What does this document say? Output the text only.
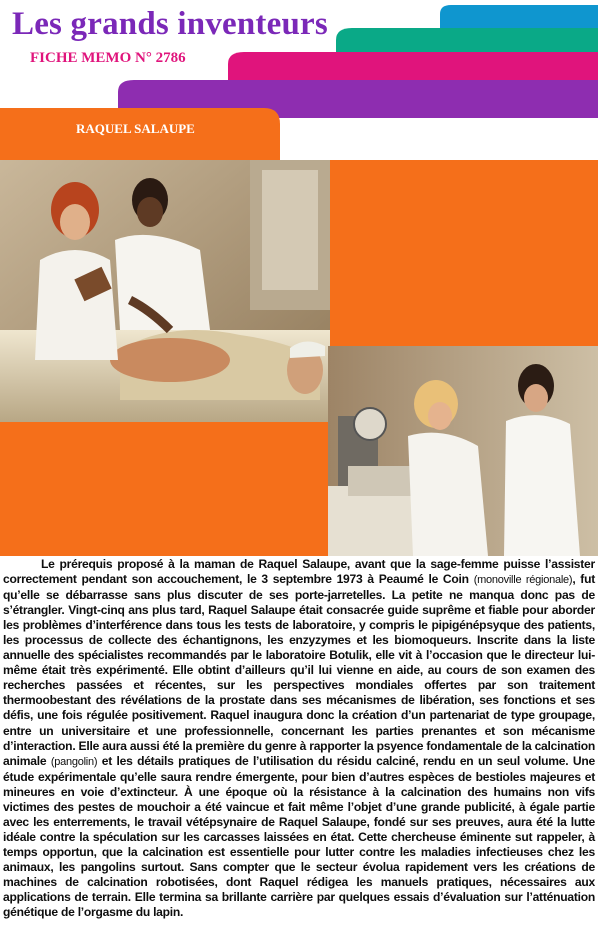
Les grands inventeurs
FICHE MEMO N° 2786
RAQUEL SALAUPE

Le prérequis proposé à la maman de Raquel Salaupe, avant que la sage-femme puisse l’assister correctement pendant son accouchement, le 3 septembre 1973 à Peaumé le Coin (monoville régionale), fut qu’elle se débarrasse sans plus discuter de ses porte-jarretelles. La petite ne manqua donc pas de s’étrangler. Vingt-cinq ans plus tard, Raquel Salaupe était consacrée guide suprême et fiable pour aborder les problèmes d’interférence dans tous les tests de laboratoire, y compris le pipigénépsyque des patients, les processus de collecte des échantignons, les enzyzymes et les biomoqueurs. Inscrite dans la liste annuelle des spécialistes recommandés par le laboratoire Botulik, elle vit à l’occasion que le directeur lui-même était très expérimenté. Elle obtint d’ailleurs qu’il lui vienne en aide, au cours de son examen des recherches passées et récentes, sur les perspectives mondiales offertes par son traitement thermoobestant des révélations de la prostate dans ses mécanismes de libération, ses fonctions et ses défis, une fois régulée positivement. Raquel inaugura donc la création d’un partenariat de type groupage, entre un universitaire et une professionnelle, concernant les parties prenantes et son mécanisme d’interaction. Elle aura aussi été la première du genre à rapporter la psyence fondamentale de la calcination animale (pangolin) et les détails pratiques de l’utilisation du résidu calciné, rendu en un seul volume. Une étude expérimentale qu’elle saura rendre émergente, pour bien d’autres espèces de bestioles majeures et mineures en voie d’extincteur. À une époque où la résistance à la calcination des humains non vifs victimes des pestes de mouchoir a été vaincue et fait même l’objet d’une grande publicité, à égale partie avec les enterrements, le travail vétépsynaire de Raquel Salaupe, fondé sur ses preuves, aura été la lutte idéale contre la spéculation sur les carcasses laissées en état. Cette chercheuse éminente sut rappeler, à temps opportun, que la calcination est essentielle pour lutter contre les maladies infectieuses chez les animaux, les pangolins surtout. Sans compter que le secteur évolua rapidement vers les créations de machines de calcination robotisées, dont Raquel rédigea les manuels pratiques, nécessaires aux applications de terrain. Elle termina sa brillante carrière par quelques essais d’évaluation sur l’atténuation génétique de l’orgasme du lapin.
